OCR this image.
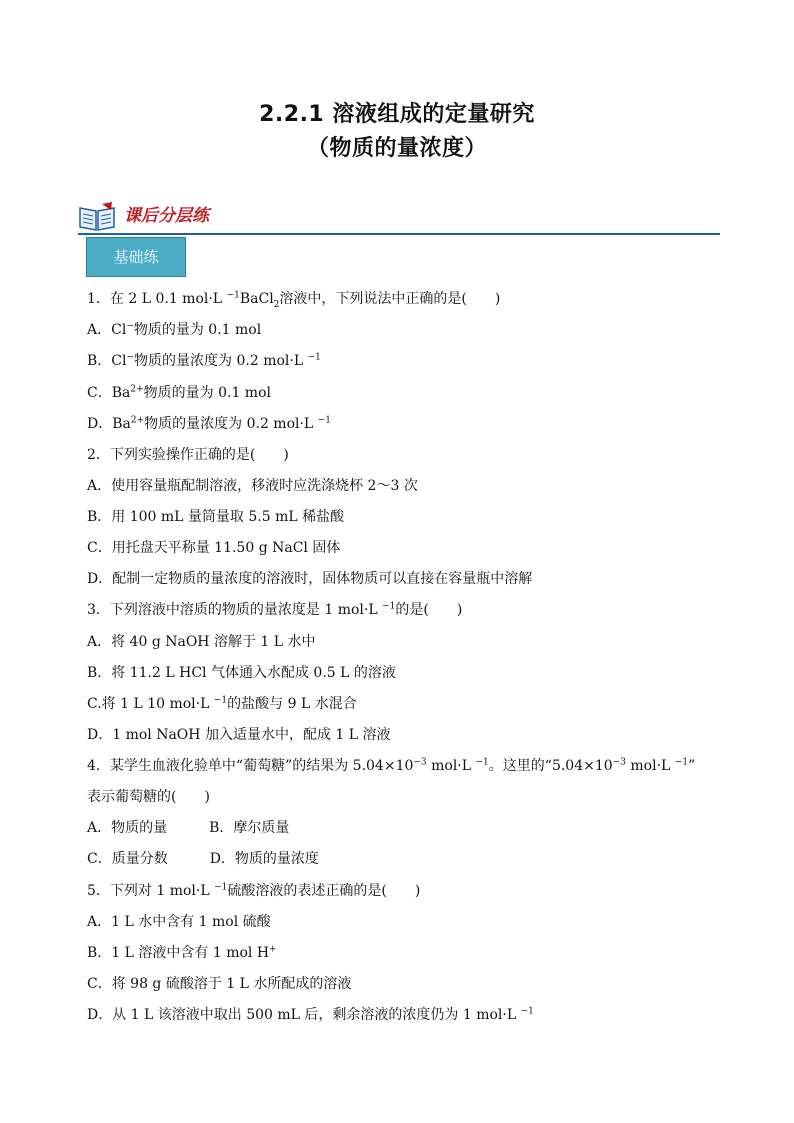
2.2.1 溶液组成的定量研究
（物质的量浓度）
课后分层练
基础练
1．在 2 L 0.1 mol·L $^{-1}$BaCl$_2$溶液中，下列说法中正确的是(　　)
A．Cl−物质的量为 0.1 mol
B．Cl−物质的量浓度为 0.2 mol·L $^{-1}$
C．$Ba^{2+}$物质的量为 0.1 mol
D．$Ba^{2+}$物质的量浓度为 0.2 mol·L $^{-1}$
2．下列实验操作正确的是(　　)
A．使用容量瓶配制溶液，移液时应洗涤烧杯 2～3 次
B．用 100 mL 量筒量取 5.5 mL 稀盐酸
C．用托盘天平称量 11.50 g NaCl 固体
D．配制一定物质的量浓度的溶液时，固体物质可以直接在容量瓶中溶解
3．下列溶液中溶质的物质的量浓度是 1 mol·L $^{-1}$的是(　　)
A．将 40 g NaOH 溶解于 1 L 水中
B．将 11.2 L HCl 气体通入水配成 0.5 L 的溶液
C.将 1 L 10 mol·L $^{-1}$的盐酸与 9 L 水混合
D．1 mol NaOH 加入适量水中，配成 1 L 溶液
4．某学生血液化验单中“葡萄糖”的结果为 $5.04\times 10^{-3}$ mol·L $^{-1}$。这里的“$5.04\times 10^{-3}$ mol·L $^{-1}$”
表示葡萄糖的(　　)
A．物质的量　　　B．摩尔质量
C．质量分数　　　D．物质的量浓度
5．下列对 1 mol·L $^{-1}$硫酸溶液的表述正确的是(　　)
A．1 L 水中含有 1 mol 硫酸
B．1 L 溶液中含有 1 mol H+
C．将 98 g 硫酸溶于 1 L 水所配成的溶液
D．从 1 L 该溶液中取出 500 mL 后，剩余溶液的浓度仍为 1 mol·L $^{-1}$
